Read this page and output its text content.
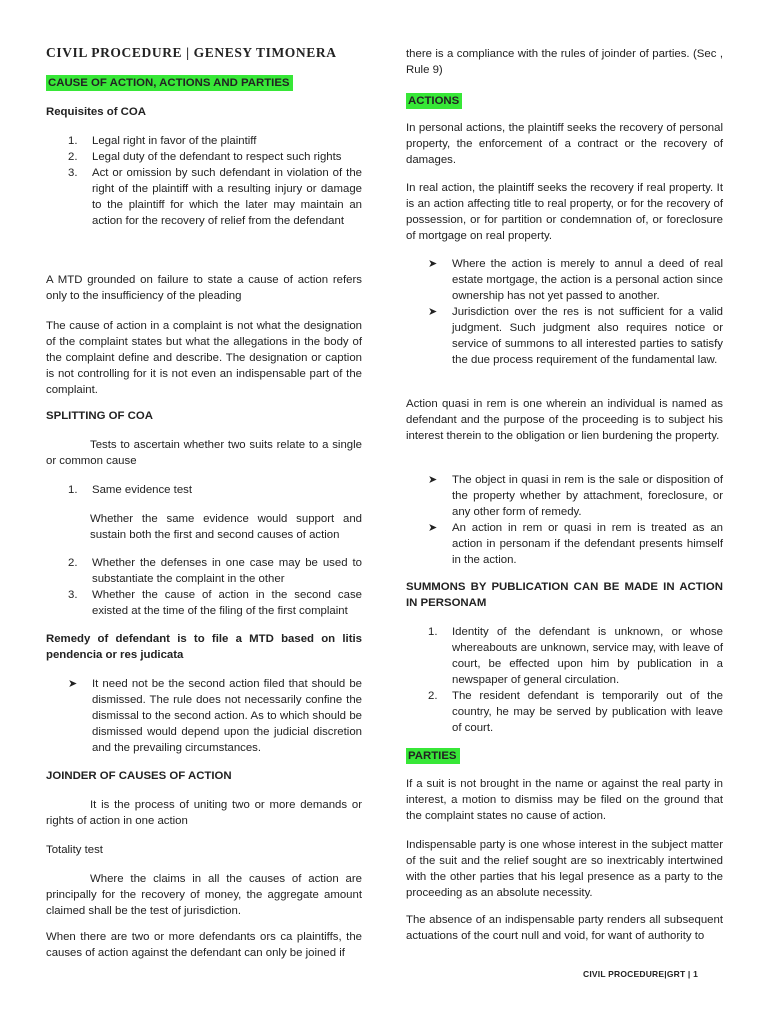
CIVIL PROCEDURE | GENESY TIMONERA
CAUSE OF ACTION, ACTIONS AND PARTIES
Requisites of COA
1. Legal right in favor of the plaintiff
2. Legal duty of the defendant to respect such rights
3. Act or omission by such defendant in violation of the right of the plaintiff with a resulting injury or damage to the plaintiff for which the later may maintain an action for the recovery of relief from the defendant

A MTD grounded on failure to state a cause of action refers only to the insufficiency of the pleading

The cause of action in a complaint is not what the designation of the complaint states but what the allegations in the body of the complaint define and describe. The designation or caption is not controlling for it is not even an indispensable part of the complaint.

SPLITTING OF COA

Tests to ascertain whether two suits relate to a single or common cause

1. Same evidence test

Whether the same evidence would support and sustain both the first and second causes of action

2. Whether the defenses in one case may be used to substantiate the complaint in the other
3. Whether the cause of action in the second case existed at the time of the filing of the first complaint

Remedy of defendant is to file a MTD based on litis pendencia or res judicata

➤ It need not be the second action filed that should be dismissed. The rule does not necessarily confine the dismissal to the second action. As to which should be dismissed would depend upon the judicial discretion and the prevailing circumstances.
JOINDER OF CAUSES OF ACTION

It is the process of uniting two or more demands or rights of action in one action

Totality test

Where the claims in all the causes of action are principally for the recovery of money, the aggregate amount claimed shall be the test of jurisdiction.

When there are two or more defendants ors ca plaintiffs, the causes of action against the defendant can only be joined if

there is a compliance with the rules of joinder of parties. (Sec , Rule 9)

ACTIONS

In personal actions, the plaintiff seeks the recovery of personal property, the enforcement of a contract or the recovery of damages.

In real action, the plaintiff seeks the recovery if real property. It is an action affecting title to real property, or for the recovery of possession, or for partition or condemnation of, or foreclosure of mortgage on real property.

➤ Where the action is merely to annul a deed of real estate mortgage, the action is a personal action since ownership has not yet passed to another.
➤ Jurisdiction over the res is not sufficient for a valid judgment. Such judgment also requires notice or service of summons to all interested parties to satisfy the due process requirement of the fundamental law.

Action quasi in rem is one wherein an individual is named as defendant and the purpose of the proceeding is to subject his interest therein to the obligation or lien burdening the property.

➤ The object in quasi in rem is the sale or disposition of the property whether by attachment, foreclosure, or any other form of remedy.
➤ An action in rem or quasi in rem is treated as an action in personam if the defendant presents himself in the action.

SUMMONS BY PUBLICATION CAN BE MADE IN ACTION IN PERSONAM

1. Identity of the defendant is unknown, or whose whereabouts are unknown, service may, with leave of court, be effected upon him by publication in a newspaper of general circulation.
2. The resident defendant is temporarily out of the country, he may be served by publication with leave of court.
PARTIES

If a suit is not brought in the name or against the real party in interest, a motion to dismiss may be filed on the ground that the complaint states no cause of action.

Indispensable party is one whose interest in the subject matter of the suit and the relief sought are so inextricably intertwined with the other parties that his legal presence as a party to the proceeding as an absolute necessity.

The absence of an indispensable party renders all subsequent actuations of the court null and void, for want of authority to

CIVIL PROCEDURE|GRT | 1
